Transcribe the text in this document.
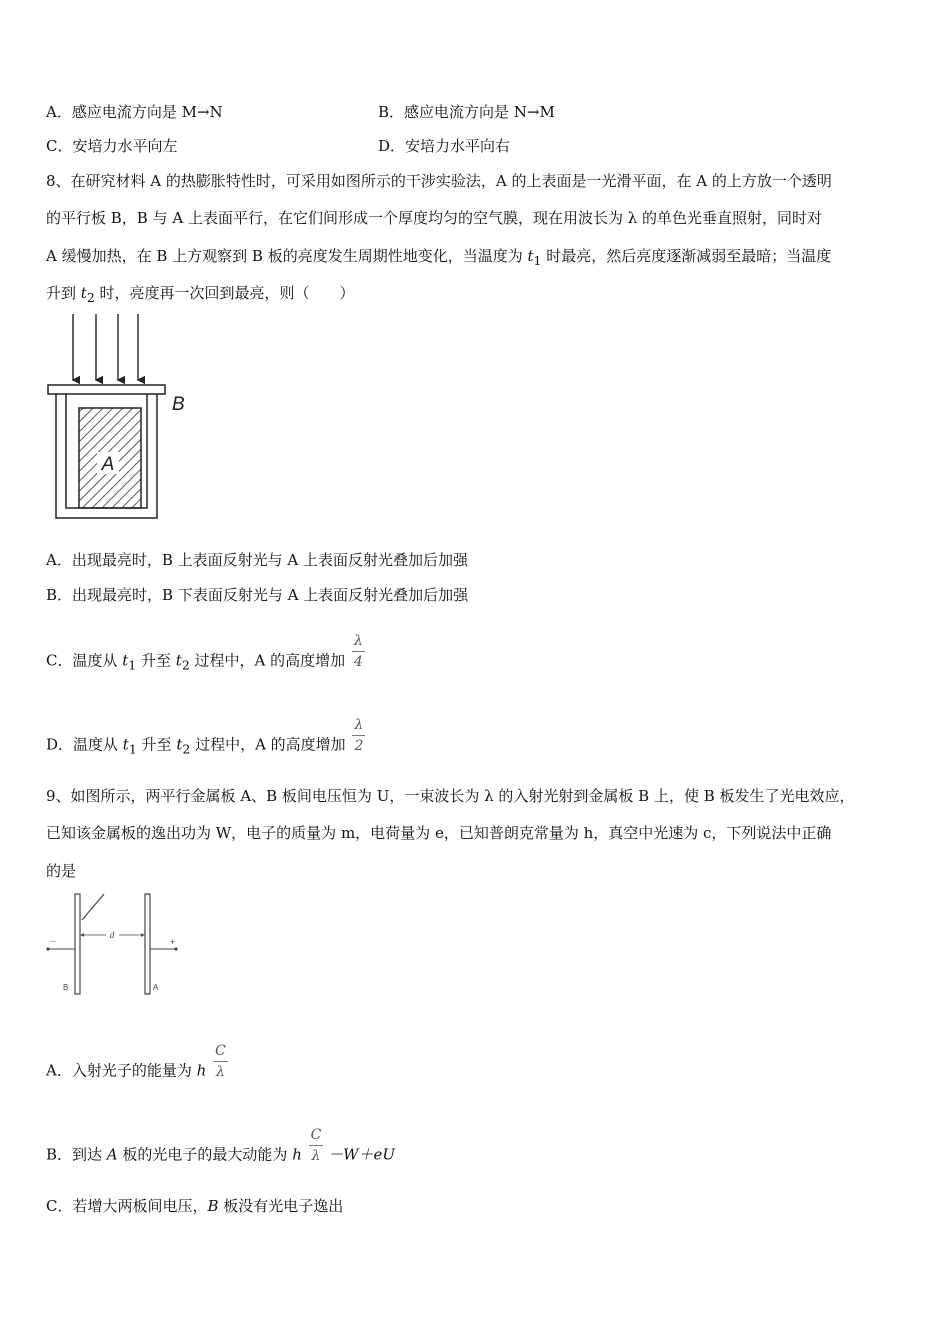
A．感应电流方向是 M→N	B．感应电流方向是 N→M
C．安培力水平向左	D．安培力水平向右
8、在研究材料 A 的热膨胀特性时，可采用如图所示的干涉实验法，A 的上表面是一光滑平面，在 A 的上方放一个透明
的平行板 B，B 与 A 上表面平行，在它们间形成一个厚度均匀的空气膜，现在用波长为 λ 的单色光垂直照射，同时对
A 缓慢加热，在 B 上方观察到 B 板的亮度发生周期性地变化，当温度为 $t_1$ 时最亮，然后亮度逐渐减弱至最暗；当温度
升到 $t_2$ 时，亮度再一次回到最亮，则（　　）
A
B
A．出现最亮时，B 上表面反射光与 A 上表面反射光叠加后加强
B．出现最亮时，B 下表面反射光与 A 上表面反射光叠加后加强
C．温度从 $t_1$ 升至 $t_2$ 过程中，A 的高度增加 $\frac{\lambda}{4}$
D．温度从 $t_1$ 升至 $t_2$ 过程中，A 的高度增加 $\frac{\lambda}{2}$
9、如图所示，两平行金属板 A、B 板间电压恒为 U，一束波长为 λ 的入射光射到金属板 B 上，使 B 板发生了光电效应，
已知该金属板的逸出功为 W，电子的质量为 m，电荷量为 e，已知普朗克常量为 h，真空中光速为 c，下列说法中正确
的是
d
－	+
B	A
A．入射光子的能量为 h $\frac{C}{\lambda}$
B．到达 A 板的光电子的最大动能为 h $\frac{C}{\lambda} -W+eU$
C．若增大两板间电压，B 板没有光电子逸出
